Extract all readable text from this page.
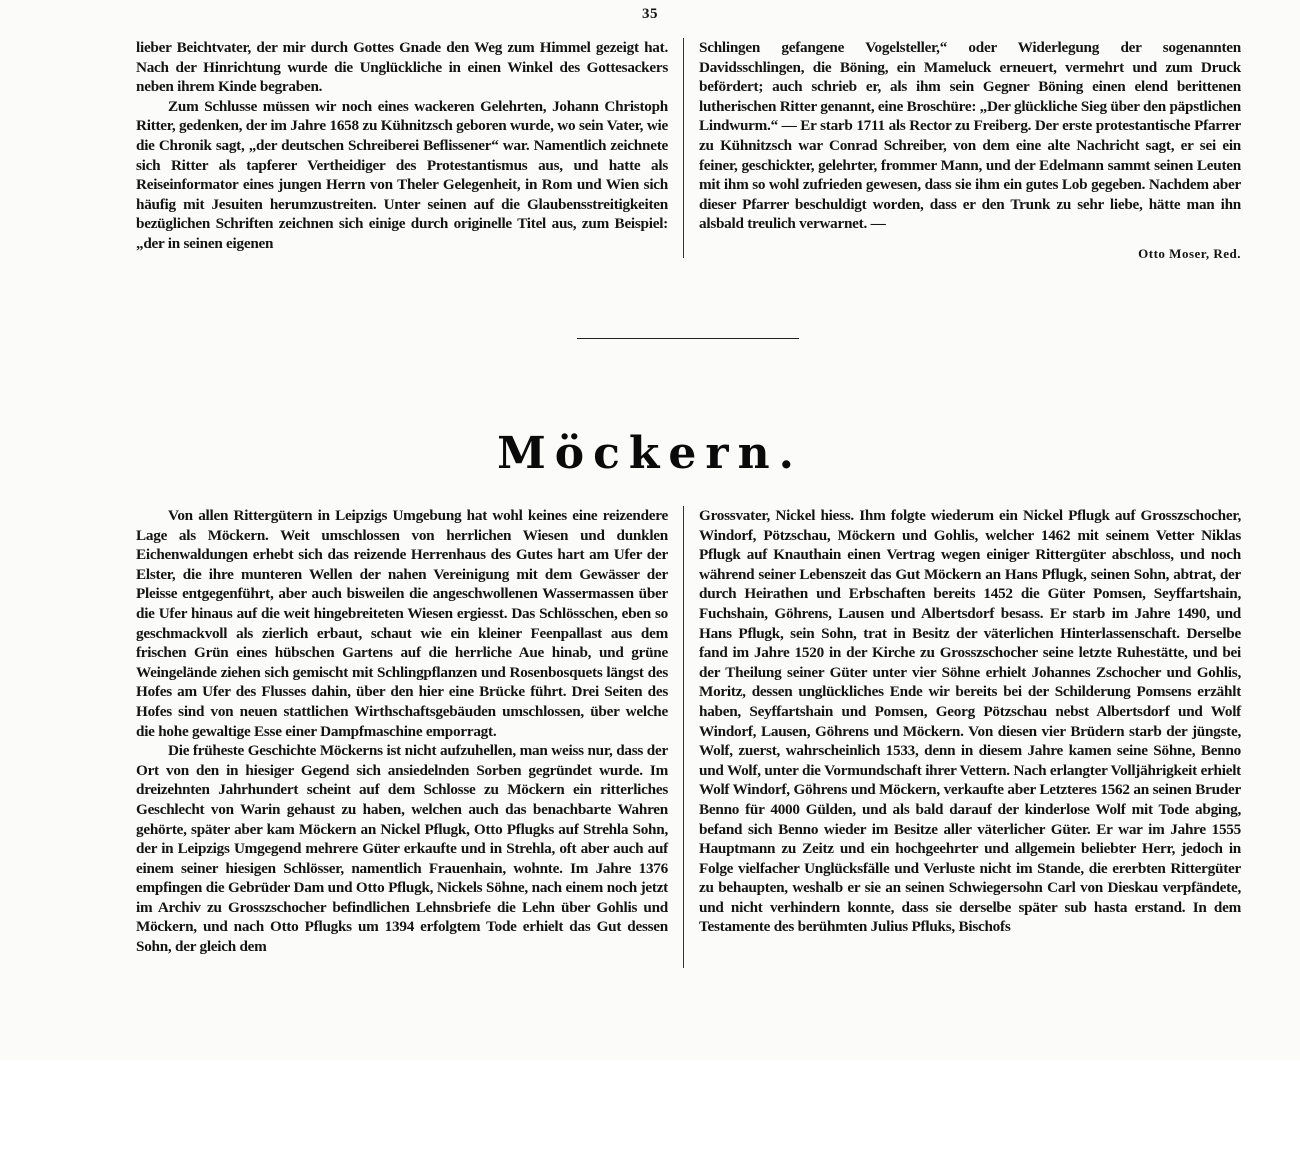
35

lieber Beichtvater, der mir durch Gottes Gnade den Weg zum Himmel gezeigt hat. Nach der Hinrichtung wurde die Unglückliche in einen Winkel des Gottesackers neben ihrem Kinde begraben.

Zum Schlusse müssen wir noch eines wackeren Gelehrten, Johann Christoph Ritter, gedenken, der im Jahre 1658 zu Kühnitzsch geboren wurde, wo sein Vater, wie die Chronik sagt, „der deutschen Schreiberei Beflissener“ war. Namentlich zeichnete sich Ritter als tapferer Vertheidiger des Protestantismus aus, und hatte als Reiseinformator eines jungen Herrn von Theler Gelegenheit, in Rom und Wien sich häufig mit Jesuiten herumzustreiten. Unter seinen auf die Glaubensstreitigkeiten bezüglichen Schriften zeichnen sich einige durch originelle Titel aus, zum Beispiel: „der in seinen eigenen

Schlingen gefangene Vogelsteller,“ oder Widerlegung der sogenannten Davidsschlingen, die Böning, ein Mameluck erneuert, vermehrt und zum Druck befördert; auch schrieb er, als ihm sein Gegner Böning einen elend berittenen lutherischen Ritter genannt, eine Broschüre: „Der glückliche Sieg über den päpstlichen Lindwurm.“ — Er starb 1711 als Rector zu Freiberg. Der erste protestantische Pfarrer zu Kühnitzsch war Conrad Schreiber, von dem eine alte Nachricht sagt, er sei ein feiner, geschickter, gelehrter, frommer Mann, und der Edelmann sammt seinen Leuten mit ihm so wohl zufrieden gewesen, dass sie ihm ein gutes Lob gegeben. Nachdem aber dieser Pfarrer beschuldigt worden, dass er den Trunk zu sehr liebe, hätte man ihn alsbald treulich verwarnet. —

Otto Moser, Red.
Möckern.

Von allen Rittergütern in Leipzigs Umgebung hat wohl keines eine reizendere Lage als Möckern. Weit umschlossen von herrlichen Wiesen und dunklen Eichenwaldungen erhebt sich das reizende Herrenhaus des Gutes hart am Ufer der Elster, die ihre munteren Wellen der nahen Vereinigung mit dem Gewässer der Pleisse entgegenführt, aber auch bisweilen die angeschwollenen Wassermassen über die Ufer hinaus auf die weit hingebreiteten Wiesen ergiesst. Das Schlösschen, eben so geschmackvoll als zierlich erbaut, schaut wie ein kleiner Feenpallast aus dem frischen Grün eines hübschen Gartens auf die herrliche Aue hinab, und grüne Weingelände ziehen sich gemischt mit Schlingpflanzen und Rosenbosquets längst des Hofes am Ufer des Flusses dahin, über den hier eine Brücke führt. Drei Seiten des Hofes sind von neuen stattlichen Wirthschaftsgebäuden umschlossen, über welche die hohe gewaltige Esse einer Dampfmaschine emporragt.

Die früheste Geschichte Möckerns ist nicht aufzuhellen, man weiss nur, dass der Ort von den in hiesiger Gegend sich ansiedelnden Sorben gegründet wurde. Im dreizehnten Jahrhundert scheint auf dem Schlosse zu Möckern ein ritterliches Geschlecht von Warin gehaust zu haben, welchen auch das benachbarte Wahren gehörte, später aber kam Möckern an Nickel Pflugk, Otto Pflugks auf Strehla Sohn, der in Leipzigs Umgegend mehrere Güter erkaufte und in Strehla, oft aber auch auf einem seiner hiesigen Schlösser, namentlich Frauenhain, wohnte. Im Jahre 1376 empfingen die Gebrüder Dam und Otto Pflugk, Nickels Söhne, nach einem noch jetzt im Archiv zu Grosszschocher befindlichen Lehnsbriefe die Lehn über Gohlis und Möckern, und nach Otto Pflugks um 1394 erfolgtem Tode erhielt das Gut dessen Sohn, der gleich dem

Grossvater, Nickel hiess. Ihm folgte wiederum ein Nickel Pflugk auf Grosszschocher, Windorf, Pötzschau, Möckern und Gohlis, welcher 1462 mit seinem Vetter Niklas Pflugk auf Knauthain einen Vertrag wegen einiger Rittergüter abschloss, und noch während seiner Lebenszeit das Gut Möckern an Hans Pflugk, seinen Sohn, abtrat, der durch Heirathen und Erbschaften bereits 1452 die Güter Pomsen, Seyffartshain, Fuchshain, Göhrens, Lausen und Albertsdorf besass. Er starb im Jahre 1490, und Hans Pflugk, sein Sohn, trat in Besitz der väterlichen Hinterlassenschaft. Derselbe fand im Jahre 1520 in der Kirche zu Grosszschocher seine letzte Ruhestätte, und bei der Theilung seiner Güter unter vier Söhne erhielt Johannes Zschocher und Gohlis, Moritz, dessen unglückliches Ende wir bereits bei der Schilderung Pomsens erzählt haben, Seyffartshain und Pomsen, Georg Pötzschau nebst Albertsdorf und Wolf Windorf, Lausen, Göhrens und Möckern. Von diesen vier Brüdern starb der jüngste, Wolf, zuerst, wahrscheinlich 1533, denn in diesem Jahre kamen seine Söhne, Benno und Wolf, unter die Vormundschaft ihrer Vettern. Nach erlangter Volljährigkeit erhielt Wolf Windorf, Göhrens und Möckern, verkaufte aber Letzteres 1562 an seinen Bruder Benno für 4000 Gülden, und als bald darauf der kinderlose Wolf mit Tode abging, befand sich Benno wieder im Besitze aller väterlicher Güter. Er war im Jahre 1555 Hauptmann zu Zeitz und ein hochgeehrter und allgemein beliebter Herr, jedoch in Folge vielfacher Unglücksfälle und Verluste nicht im Stande, die ererbten Rittergüter zu behaupten, weshalb er sie an seinen Schwiegersohn Carl von Dieskau verpfändete, und nicht verhindern konnte, dass sie derselbe später sub hasta erstand. In dem Testamente des berühmten Julius Pfluks, Bischofs
